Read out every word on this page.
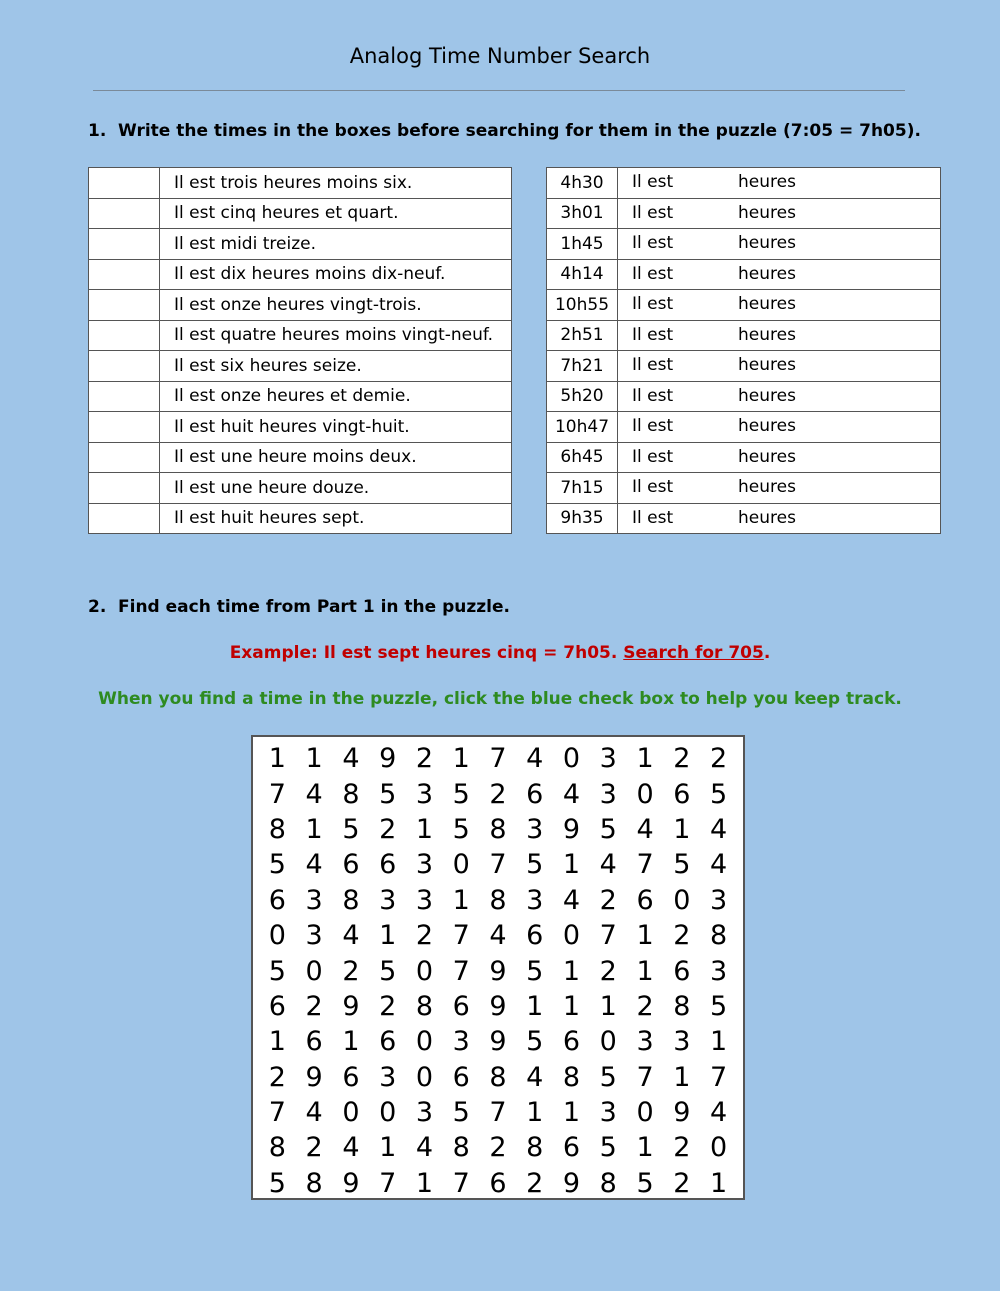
Analog Time Number Search
1. Write the times in the boxes before searching for them in the puzzle (7:05 = 7h05).
	Il est trois heures moins six.
	Il est cinq heures et quart.
	Il est midi treize.
	Il est dix heures moins dix-neuf.
	Il est onze heures vingt-trois.
	Il est quatre heures moins vingt-neuf.
	Il est six heures seize.
	Il est onze heures et demie.
	Il est huit heures vingt-huit.
	Il est une heure moins deux.
	Il est une heure douze.
	Il est huit heures sept.
4h30	Il est heures

3h01	Il est heures

1h45	Il est heures

4h14	Il est heures

10h55	Il est heures

2h51	Il est heures

7h21	Il est heures

5h20	Il est heures

10h47	Il est heures

6h45	Il est heures

7h15	Il est heures

9h35	Il est heures
2. Find each time from Part 1 in the puzzle.
Example: Il est sept heures cinq = 7h05. Search for 705.
When you find a time in the puzzle, click the blue check box to help you keep track.
1 1 4 9 2 1 7 4 0 3 1 2 2
7 4 8 5 3 5 2 6 4 3 0 6 5
8 1 5 2 1 5 8 3 9 5 4 1 4
5 4 6 6 3 0 7 5 1 4 7 5 4
6 3 8 3 3 1 8 3 4 2 6 0 3
0 3 4 1 2 7 4 6 0 7 1 2 8
5 0 2 5 0 7 9 5 1 2 1 6 3
6 2 9 2 8 6 9 1 1 1 2 8 5
1 6 1 6 0 3 9 5 6 0 3 3 1
2 9 6 3 0 6 8 4 8 5 7 1 7
7 4 0 0 3 5 7 1 1 3 0 9 4
8 2 4 1 4 8 2 8 6 5 1 2 0
5 8 9 7 1 7 6 2 9 8 5 2 1
